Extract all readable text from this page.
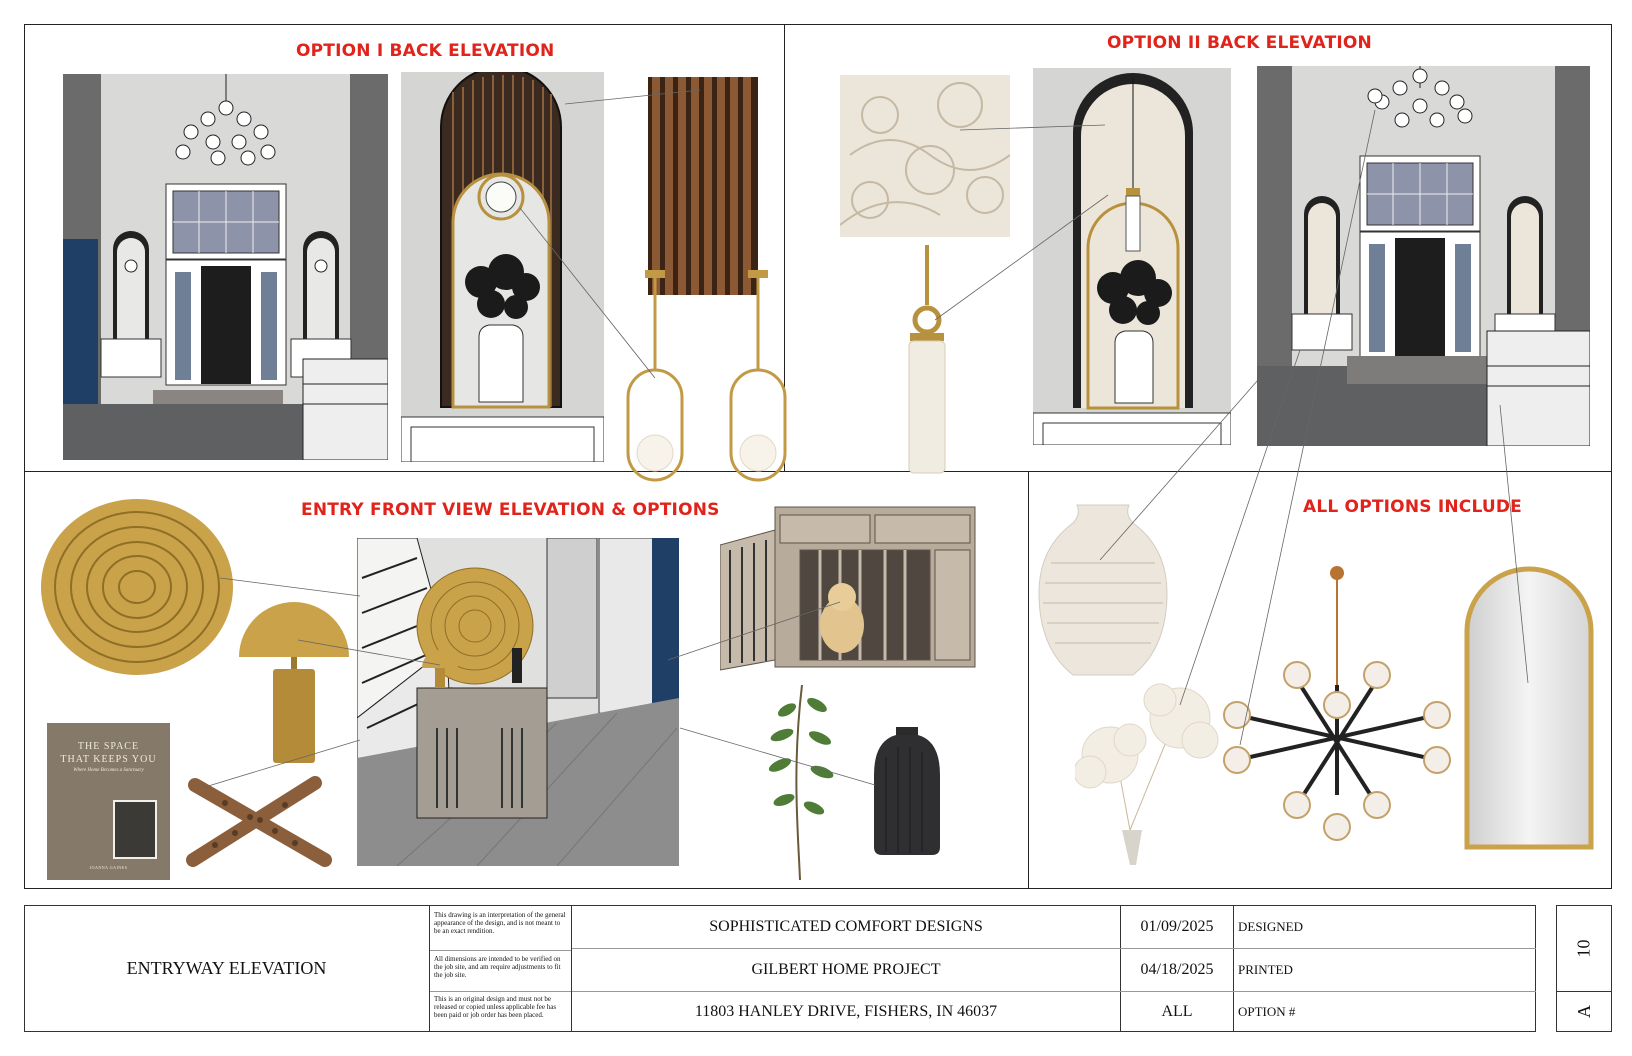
OPTION I BACK ELEVATION	OPTION II BACK ELEVATION
ENTRY FRONT VIEW ELEVATION & OPTIONS	ALL OPTIONS INCLUDE
THE SPACE
THAT KEEPS YOU
Where Home Becomes a Sanctuary
JOANNA GAINES
ENTRYWAY ELEVATION
This drawing is an interpretation of the general appearance of the design, and is not meant to be an exact rendition.
All dimensions are intended to be verified on the job site, and am require adjustments to fit the job site.
This is an original design and must not be released or copied unless applicable fee has been paid or job order has been placed.
SOPHISTICATED COMFORT DESIGNS
GILBERT HOME PROJECT
11803 HANLEY DRIVE, FISHERS, IN 46037
01/09/2025
04/18/2025
ALL
DESIGNED
PRINTED
OPTION #
10
A
